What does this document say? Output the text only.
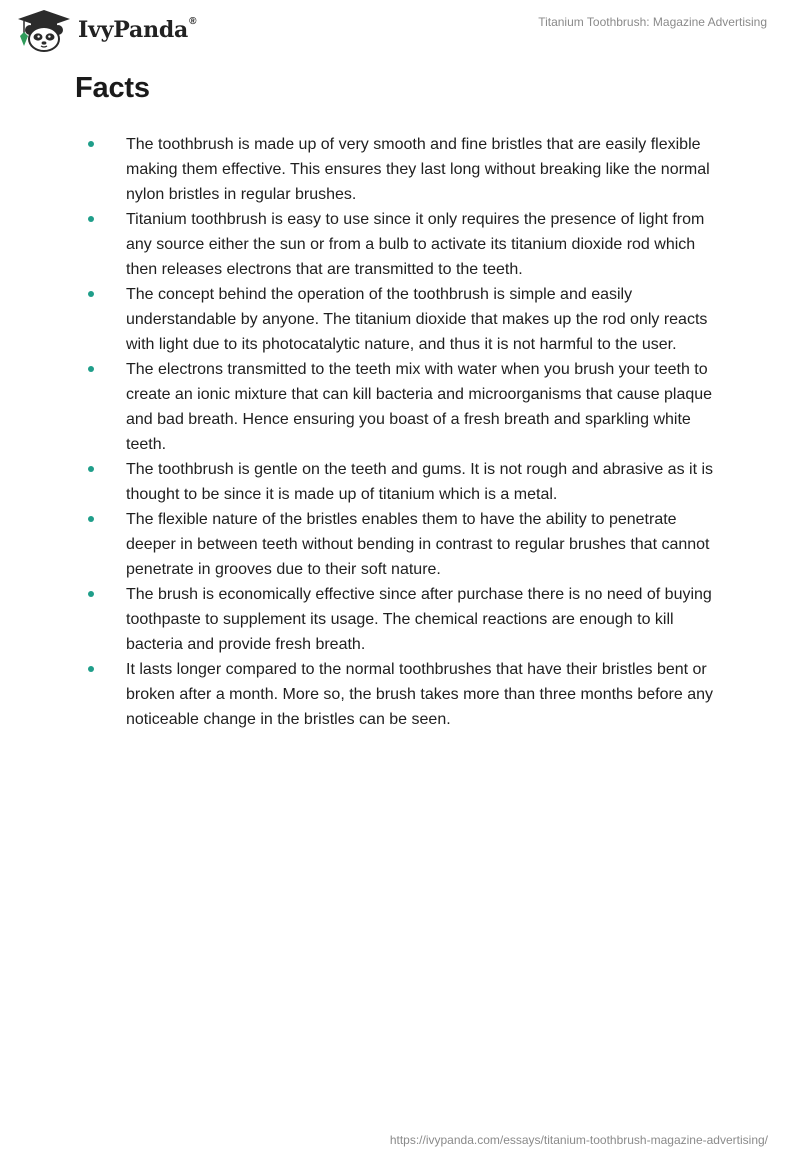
IvyPanda ®	Titanium Toothbrush: Magazine Advertising
Facts
The toothbrush is made up of very smooth and fine bristles that are easily flexible making them effective. This ensures they last long without breaking like the normal nylon bristles in regular brushes.
Titanium toothbrush is easy to use since it only requires the presence of light from any source either the sun or from a bulb to activate its titanium dioxide rod which then releases electrons that are transmitted to the teeth.
The concept behind the operation of the toothbrush is simple and easily understandable by anyone. The titanium dioxide that makes up the rod only reacts with light due to its photocatalytic nature, and thus it is not harmful to the user.
The electrons transmitted to the teeth mix with water when you brush your teeth to create an ionic mixture that can kill bacteria and microorganisms that cause plaque and bad breath. Hence ensuring you boast of a fresh breath and sparkling white teeth.
The toothbrush is gentle on the teeth and gums. It is not rough and abrasive as it is thought to be since it is made up of titanium which is a metal.
The flexible nature of the bristles enables them to have the ability to penetrate deeper in between teeth without bending in contrast to regular brushes that cannot penetrate in grooves due to their soft nature.
The brush is economically effective since after purchase there is no need of buying toothpaste to supplement its usage. The chemical reactions are enough to kill bacteria and provide fresh breath.
It lasts longer compared to the normal toothbrushes that have their bristles bent or broken after a month. More so, the brush takes more than three months before any noticeable change in the bristles can be seen.
https://ivypanda.com/essays/titanium-toothbrush-magazine-advertising/
